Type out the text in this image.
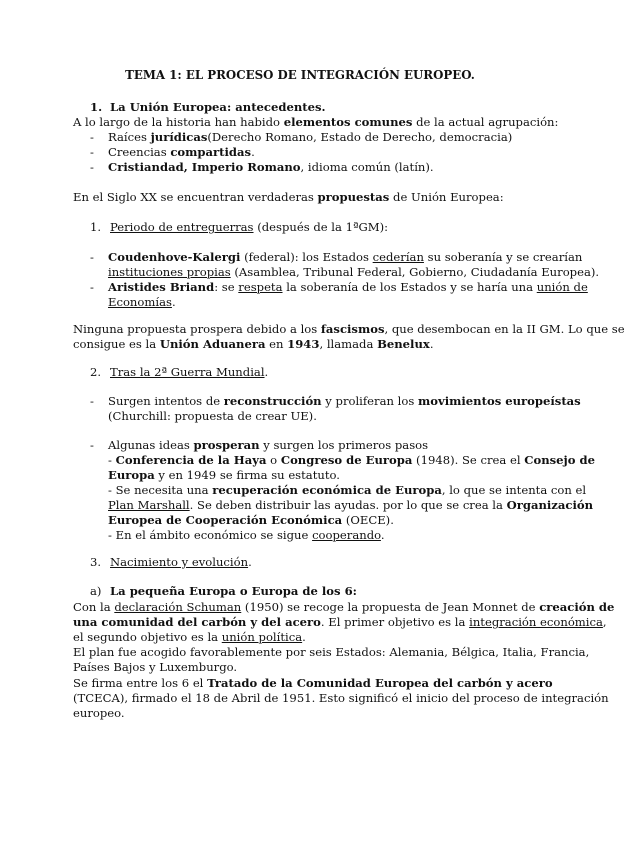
TEMA 1: EL PROCESO DE INTEGRACIÓN EUROPEO.
1. La Unión Europea: antecedentes.
A lo largo de la historia han habido elementos comunes de la actual agrupación:
- Raíces jurídicas(Derecho Romano, Estado de Derecho, democracia)
- Creencias compartidas.
- Cristiandad, Imperio Romano, idioma común (latín).
En el Siglo XX se encuentran verdaderas propuestas de Unión Europea:
1. Periodo de entreguerras (después de la 1ªGM):
- Coudenhove-Kalergi (federal): los Estados cederían su soberanía y se crearían
instituciones propias (Asamblea, Tribunal Federal, Gobierno, Ciudadanía Europea).
- Aristides Briand: se respeta la soberanía de los Estados y se haría una unión de
Economías.
Ninguna propuesta prospera debido a los fascismos, que desembocan en la II GM. Lo que se
consigue es la Unión Aduanera en 1943, llamada Benelux.
2. Tras la 2ª Guerra Mundial.
- Surgen intentos de reconstrucción y proliferan los movimientos europeístas
(Churchill: propuesta de crear UE).
- Algunas ideas prosperan y surgen los primeros pasos
- Conferencia de la Haya o Congreso de Europa (1948). Se crea el Consejo de
Europa y en 1949 se firma su estatuto.
- Se necesita una recuperación económica de Europa, lo que se intenta con el
Plan Marshall. Se deben distribuir las ayudas. por lo que se crea la Organización
Europea de Cooperación Económica (OECE).
- En el ámbito económico se sigue cooperando.
3. Nacimiento y evolución.
a) La pequeña Europa o Europa de los 6:
Con la declaración Schuman (1950) se recoge la propuesta de Jean Monnet de creación de
una comunidad del carbón y del acero. El primer objetivo es la integración económica,
el segundo objetivo es la unión política.
El plan fue acogido favorablemente por seis Estados: Alemania, Bélgica, Italia, Francia,
Países Bajos y Luxemburgo.
Se firma entre los 6 el Tratado de la Comunidad Europea del carbón y acero
(TCECA), firmado el 18 de Abril de 1951. Esto significó el inicio del proceso de integración
europeo.
